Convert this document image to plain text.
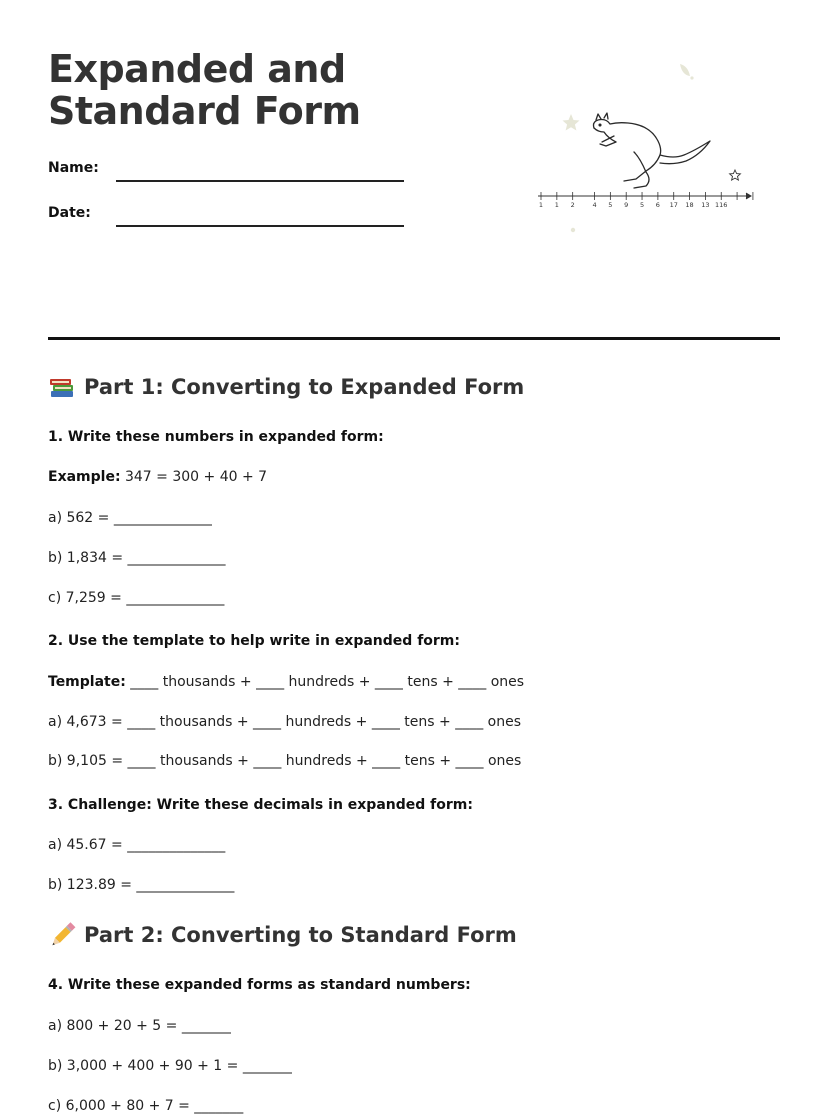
Expanded and Standard Form
Name:
Date:	1 1 2	4 5 9 5 6 17 18 13 116
Part 1: Converting to Expanded Form
1. Write these numbers in expanded form:
Example: 347 = 300 + 40 + 7
a) 562 = ______________
b) 1,834 = ______________
c) 7,259 = ______________
2. Use the template to help write in expanded form:
Template: ____ thousands + ____ hundreds + ____ tens + ____ ones
a) 4,673 = ____ thousands + ____ hundreds + ____ tens + ____ ones
b) 9,105 = ____ thousands + ____ hundreds + ____ tens + ____ ones
3. Challenge: Write these decimals in expanded form:
a) 45.67 = ______________
b) 123.89 = ______________
Part 2: Converting to Standard Form
4. Write these expanded forms as standard numbers:
a) 800 + 20 + 5 = _______
b) 3,000 + 400 + 90 + 1 = _______
c) 6,000 + 80 + 7 = _______
